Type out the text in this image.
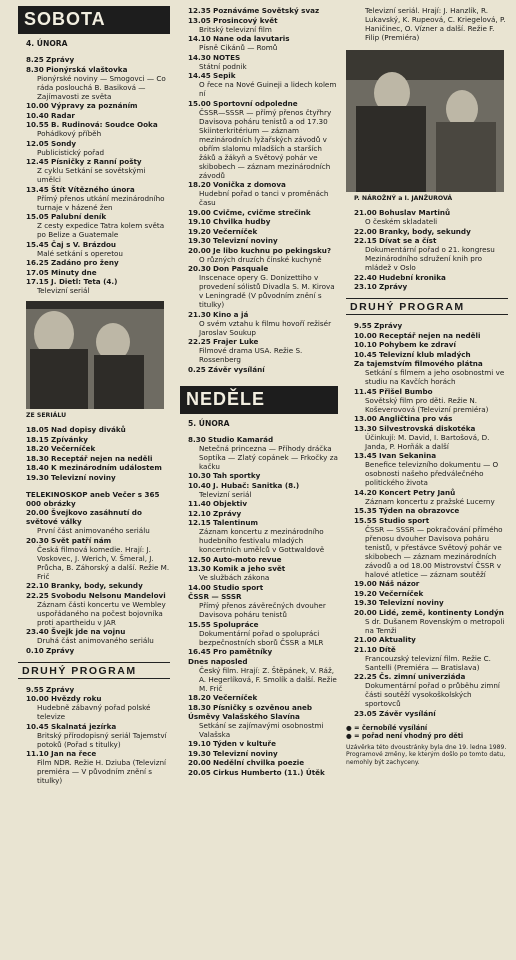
SOBOTA
4. ÚNORA
8.25 Zprávy
8.30 Pionýrská vlaštovka
Pionýrské noviny — Smogovci — Co ráda poslouchá B. Basiková — Zajímavosti ze světa
10.00 Výpravy za poznáním
10.40 Radar
10.55 B. Rudinová: Soudce Ooka
Pohádkový příběh
12.05 Sondy
Publicistický pořad
12.45 Písničky z Ranní pošty
Z cyklu Setkání se sovětskými umělci
13.45 Štít Vítězného února
Přímý přenos utkání mezinárodního turnaje v házené žen
15.05 Palubní deník
Z cesty expedice Tatra kolem světa po Belize a Guatemale
15.45 Čaj s V. Brázdou
Malé setkání s operetou
16.25 Zadáno pro ženy
17.05 Minuty dne
17.15 J. Dietl: Teta (4.)
Televizní seriál
ZE SERIÁLU
18.05 Nad dopisy diváků
18.15 Zpívánky
18.20 Večerníček
18.30 Receptář nejen na neděli
18.40 K mezinárodním událostem
19.30 Televizní noviny
TELEKINOSKOP aneb Večer s 365 000 obrázky
20.00 Švejkovo zasáhnutí do světové války
První část animovaného seriálu
20.30 Svět patří nám
Česká filmová komedie. Hrají: J. Voskovec, J. Werich, V. Šmeral, J. Průcha, B. Záhorský a další. Režie M. Frič
22.10 Branky, body, sekundy
22.25 Svobodu Nelsonu Mandelovi
Záznam části koncertu ve Wembley uspořádaného na počest bojovníka proti apartheidu v JAR
23.40 Švejk jde na vojnu
Druhá část animovaného seriálu
0.10 Zprávy
DRUHÝ PROGRAM
9.55 Zprávy
10.00 Hvězdy roku
Hudebně zábavný pořad polské televize
10.45 Skalnatá jezírka
Britský přírodopisný seriál Tajemství potoků (Pořad s titulky)
11.10 Jan na řece
Film NDR. Režie H. Dziuba (Televizní premiéra — V původním znění s titulky)
12.35 Poznáváme Sovětský svaz
13.05 Prosincový květ
Britský televizní film
14.10 Nane oda lavutaris
Písně Cikánů — Romů
14.30 NOTES
Státní podnik
14.45 Sepik
O řece na Nové Guineji a lidech kolem ní
15.00 Sportovní odpoledne
ČSSR—SSSR — přímý přenos čtyřhry Davisova poháru tenistů a od 17.30 Skiinterkritérium — záznam mezinárodních lyžařských závodů v obřím slalomu mladších a starších žáků a žákyň a Světový pohár ve skibobech — záznam mezinárodních závodů
18.20 Vonička z domova
Hudební pořad o tanci v proměnách času
19.00 Cvičme, cvičme strečink
19.10 Chvilka hudby
19.20 Večerníček
19.30 Televizní noviny
20.00 Je libo kuchnu po pekingsku?
O různých druzích čínské kuchyně
20.30 Don Pasquale
Inscenace opery G. Donizettiho v provedení sólistů Divadla S. M. Kirova v Leningradě (V původním znění s titulky)
21.30 Kino a já
O svém vztahu k filmu hovoří režisér Jaroslav Soukup
22.25 Frajer Luke
Filmové drama USA. Režie S. Rossenberg
0.25 Závěr vysílání
NEDĚLE
5. ÚNORA
8.30 Studio Kamarád
Netečná princezna — Příhody dráčka Soptíka — Zlatý copánek — Frkočky za kačku
10.30 Tah sportky
10.40 J. Hubač: Sanitka (8.)
Televizní seriál
11.40 Objektiv
12.10 Zprávy
12.15 Talentinum
Záznam koncertu z mezinárodního hudebního festivalu mladých koncertních umělců v Gottwaldově
12.50 Auto-moto revue
13.30 Komik a jeho svět
Ve službách zákona
14.00 Studio sport
ČSSR — SSSR
Přímý přenos závěrečných dvouher Davisova poháru tenistů
15.55 Spolupráce
Dokumentární pořad o spolupráci bezpečnostních sborů ČSSR a MLR
16.45 Pro pamětníky
Dnes naposled
Český film. Hrají: Z. Štěpánek, V. Ráž, A. Hegerlíková, F. Smolík a další. Režie M. Frič
18.20 Večerníček
18.30 Písničky s ozvěnou aneb Úsměvy Valašského Slavína
Setkání se zajímavými osobnostmi Valašska
19.10 Týden v kultuře
19.30 Televizní noviny
20.00 Nedělní chvilka poezie
20.05 Cirkus Humberto (11.) Útěk
Televizní seriál. Hrají: J. Hanzlík, R. Lukavský, K. Rupeová, C. Kriegelová, P. Haničinec, O. Vízner a další. Režie F. Filip (Premiéra)
P. NÁROŽNÝ a I. JANŽUROVÁ
21.00 Bohuslav Martinů
O českém skladateli
22.00 Branky, body, sekundy
22.15 Dívat se a číst
Dokumentární pořad o 21. kongresu Mezinárodního sdružení knih pro mládež v Oslo
22.40 Hudební kronika
23.10 Zprávy
DRUHÝ PROGRAM
9.55 Zprávy
10.00 Receptář nejen na neděli
10.10 Pohybem ke zdraví
10.45 Televizní klub mladých
Za tajemstvím filmového plátna
Setkání s filmem a jeho osobnostmi ve studiu na Kavčích horách
11.45 Přišel Bumbo
Sovětský film pro děti. Režie N. Koševerovová (Televizní premiéra)
13.00 Angličtina pro vás
13.30 Silvestrovská diskotéka
Účinkují: M. David, I. Bartošová, D. Janda, P. Horňák a další
13.45 Ivan Sekanina
Benefice televizního dokumentu — O osobnosti našeho předválečného politického života
14.20 Koncert Petry Janů
Záznam koncertu z pražské Lucerny
15.35 Týden na obrazovce
15.55 Studio sport
ČSSR — SSSR — pokračování přímého přenosu dvouher Davisova poháru tenistů, v přestávce Světový pohár ve skibobech — záznam mezinárodních závodů a od 18.00 Mistrovství ČSSR v halové atletice — záznam soutěží
19.00 Náš názor
19.20 Večerníček
19.30 Televizní noviny
20.00 Lidé, země, kontinenty Londýn
S dr. Dušanem Rovenským o metropoli na Temži
21.00 Aktuality
21.10 Dítě
Francouzský televizní film. Režie C. Santelli (Premiéra — Bratislava)
22.25 Čs. zimní univerziáda
Dokumentární pořad o průběhu zimní části soutěží vysokoškolských sportovců
23.05 Závěr vysílání
● = černobílé vysílání
● = pořad není vhodný pro děti
Uzávěrka této dvoustránky byla dne 19. ledna 1989. Programové změny, ke kterým došlo po tomto datu, nemohly být zachyceny.
